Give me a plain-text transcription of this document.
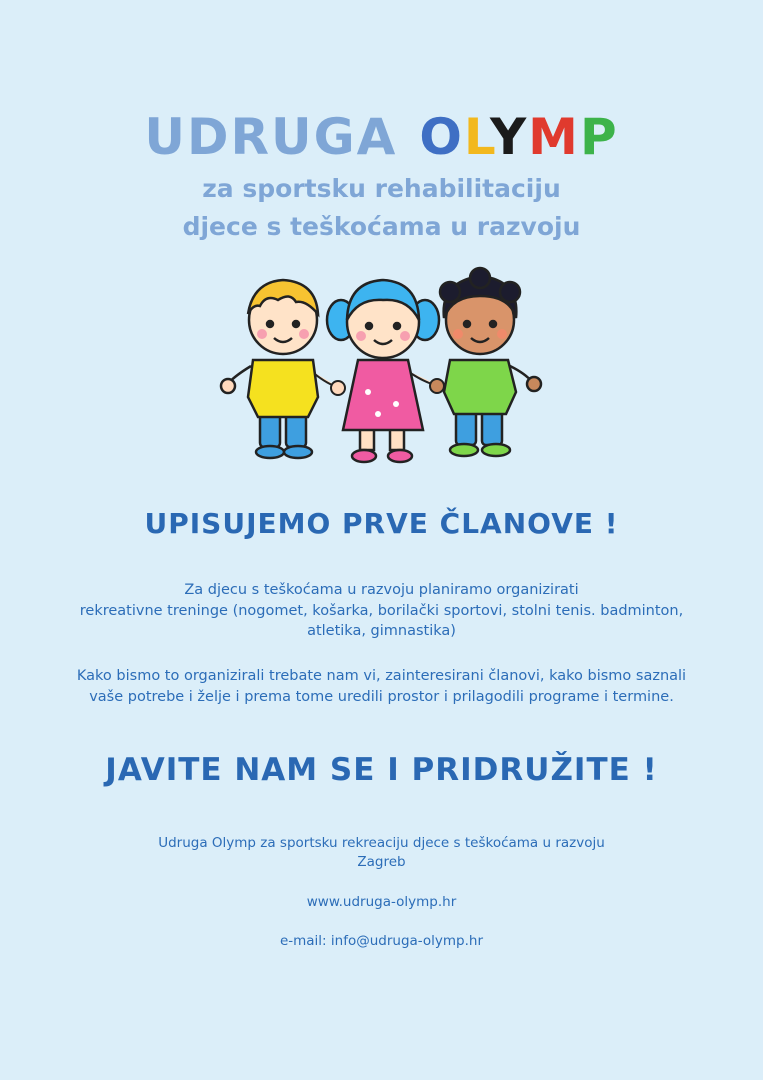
UDRUGA OLYMP
za sportsku rehabilitaciju
djece s teškoćama u razvoju
UPISUJEMO PRVE ČLANOVE !
Za djecu s teškoćama u razvoju planiramo organizirati
rekreativne treninge (nogomet, košarka, borilački sportovi, stolni tenis. badminton,
atletika, gimnastika)
Kako bismo to organizirali trebate nam vi, zainteresirani članovi, kako bismo saznali
vaše potrebe i želje i prema tome uredili prostor i prilagodili programe i termine.
JAVITE NAM SE I PRIDRUŽITE !
Udruga Olymp za sportsku rekreaciju djece s teškoćama u razvoju
Zagreb
www.udruga-olymp.hr
e-mail: info@udruga-olymp.hr
